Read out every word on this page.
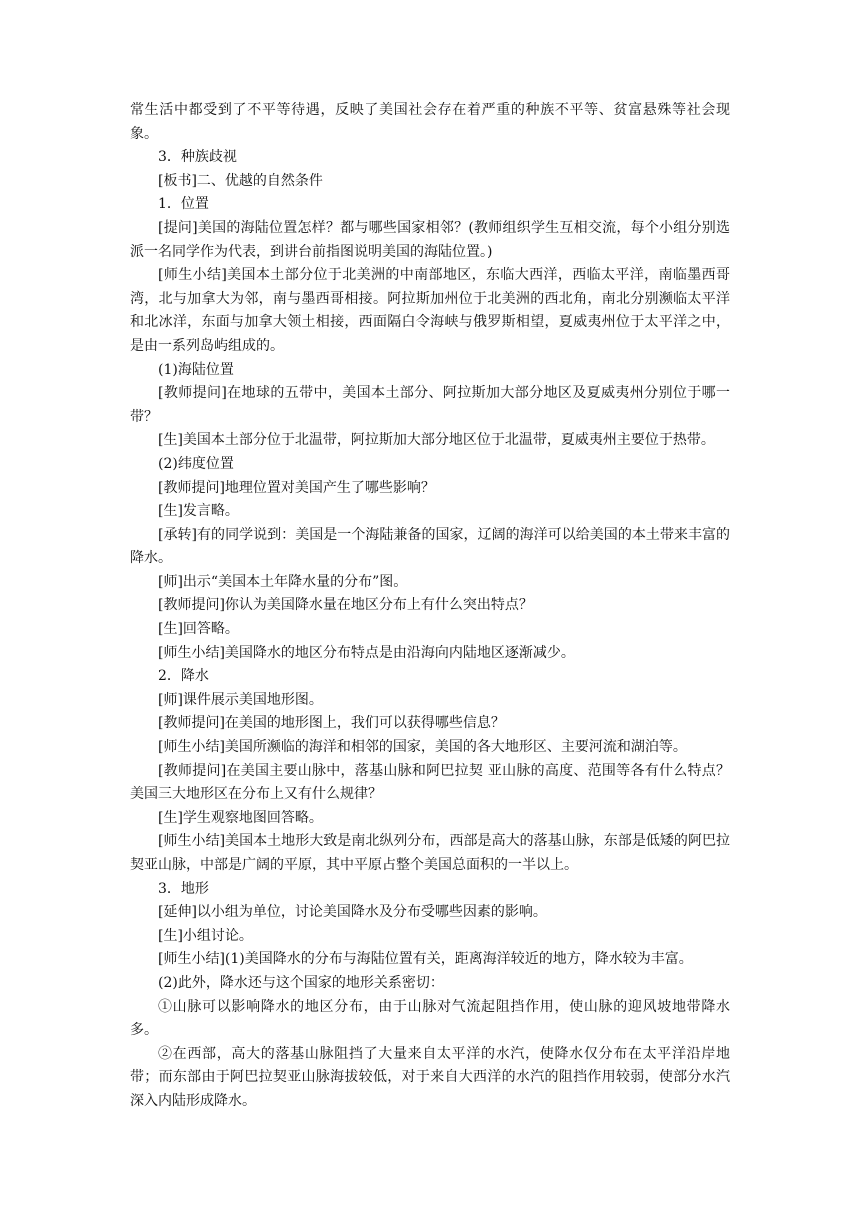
常生活中都受到了不平等待遇，反映了美国社会存在着严重的种族不平等、贫富悬殊等社会现象。

3．种族歧视

[板书]二、优越的自然条件

1．位置

[提问]美国的海陆位置怎样？都与哪些国家相邻？(教师组织学生互相交流，每个小组分别选派一名同学作为代表，到讲台前指图说明美国的海陆位置。)

[师生小结]美国本土部分位于北美洲的中南部地区，东临大西洋，西临太平洋，南临墨西哥湾，北与加拿大为邻，南与墨西哥相接。阿拉斯加州位于北美洲的西北角，南北分别濒临太平洋和北冰洋，东面与加拿大领土相接，西面隔白令海峡与俄罗斯相望，夏威夷州位于太平洋之中，是由一系列岛屿组成的。

(1)海陆位置

[教师提问]在地球的五带中，美国本土部分、阿拉斯加大部分地区及夏威夷州分别位于哪一带？

[生]美国本土部分位于北温带，阿拉斯加大部分地区位于北温带，夏威夷州主要位于热带。

(2)纬度位置

[教师提问]地理位置对美国产生了哪些影响？

[生]发言略。

[承转]有的同学说到：美国是一个海陆兼备的国家，辽阔的海洋可以给美国的本土带来丰富的降水。

[师]出示“美国本土年降水量的分布”图。

[教师提问]你认为美国降水量在地区分布上有什么突出特点？

[生]回答略。

[师生小结]美国降水的地区分布特点是由沿海向内陆地区逐渐减少。

2．降水

[师]课件展示美国地形图。

[教师提问]在美国的地形图上，我们可以获得哪些信息？

[师生小结]美国所濒临的海洋和相邻的国家，美国的各大地形区、主要河流和湖泊等。

[教师提问]在美国主要山脉中，落基山脉和阿巴拉契 亚山脉的高度、范围等各有什么特点？美国三大地形区在分布上又有什么规律？

[生]学生观察地图回答略。

[师生小结]美国本土地形大致是南北纵列分布，西部是高大的落基山脉，东部是低矮的阿巴拉契亚山脉，中部是广阔的平原，其中平原占整个美国总面积的一半以上。

3．地形

[延伸]以小组为单位，讨论美国降水及分布受哪些因素的影响。

[生]小组讨论。

[师生小结](1)美国降水的分布与海陆位置有关，距离海洋较近的地方，降水较为丰富。

(2)此外，降水还与这个国家的地形关系密切：

①山脉可以影响降水的地区分布，由于山脉对气流起阻挡作用，使山脉的迎风坡地带降水多。

②在西部，高大的落基山脉阻挡了大量来自太平洋的水汽，使降水仅分布在太平洋沿岸地带；而东部由于阿巴拉契亚山脉海拔较低，对于来自大西洋的水汽的阻挡作用较弱，使部分水汽深入内陆形成降水。
